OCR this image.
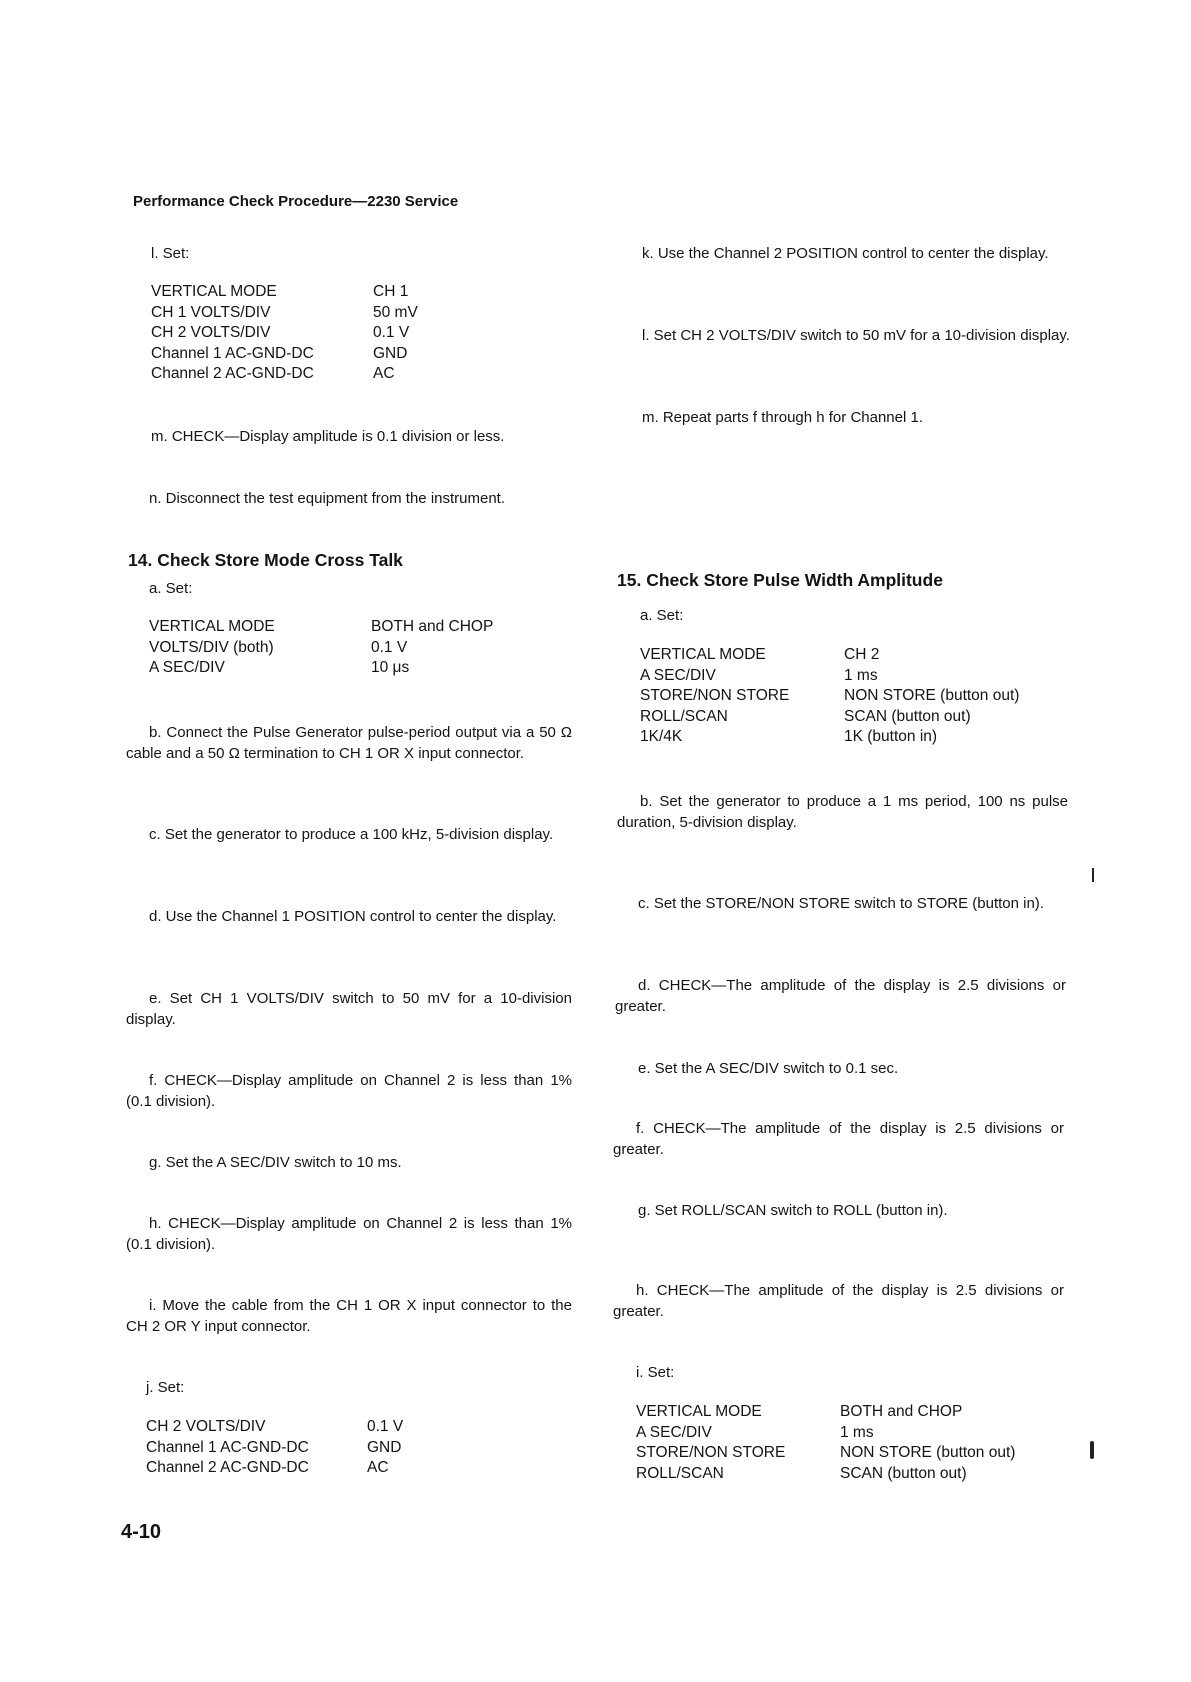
Performance Check Procedure—2230 Service
l. Set:
VERTICAL MODE	CH 1
CH 1 VOLTS/DIV	50 mV
CH 2 VOLTS/DIV	0.1 V
Channel 1 AC-GND-DC	GND
Channel 2 AC-GND-DC	AC
m. CHECK—Display amplitude is 0.1 division or less.
n. Disconnect the test equipment from the instrument.
14. Check Store Mode Cross Talk
a. Set:
VERTICAL MODE	BOTH and CHOP
VOLTS/DIV (both)	0.1 V
A SEC/DIV	10 μs
b. Connect the Pulse Generator pulse-period output via a 50 Ω cable and a 50 Ω termination to CH 1 OR X input connector.
c. Set the generator to produce a 100 kHz, 5-division display.
d. Use the Channel 1 POSITION control to center the display.
e. Set CH 1 VOLTS/DIV switch to 50 mV for a 10-division display.
f. CHECK—Display amplitude on Channel 2 is less than 1% (0.1 division).
g. Set the A SEC/DIV switch to 10 ms.
h. CHECK—Display amplitude on Channel 2 is less than 1% (0.1 division).
i. Move the cable from the CH 1 OR X input connector to the CH 2 OR Y input connector.
j. Set:
CH 2 VOLTS/DIV	0.1 V
Channel 1 AC-GND-DC	GND
Channel 2 AC-GND-DC	AC
4-10
k. Use the Channel 2 POSITION control to center the display.
l. Set CH 2 VOLTS/DIV switch to 50 mV for a 10-division display.
m. Repeat parts f through h for Channel 1.
15. Check Store Pulse Width Amplitude
a. Set:
VERTICAL MODE	CH 2
A SEC/DIV	1 ms
STORE/NON STORE	NON STORE (button out)
ROLL/SCAN	SCAN (button out)
1K/4K	1K (button in)
b. Set the generator to produce a 1 ms period, 100 ns pulse duration, 5-division display.
c. Set the STORE/NON STORE switch to STORE (button in).
d. CHECK—The amplitude of the display is 2.5 divisions or greater.
e. Set the A SEC/DIV switch to 0.1 sec.
f. CHECK—The amplitude of the display is 2.5 divisions or greater.
g. Set ROLL/SCAN switch to ROLL (button in).
h. CHECK—The amplitude of the display is 2.5 divisions or greater.
i. Set:
VERTICAL MODE	BOTH and CHOP
A SEC/DIV	1 ms
STORE/NON STORE	NON STORE (button out)
ROLL/SCAN	SCAN (button out)
